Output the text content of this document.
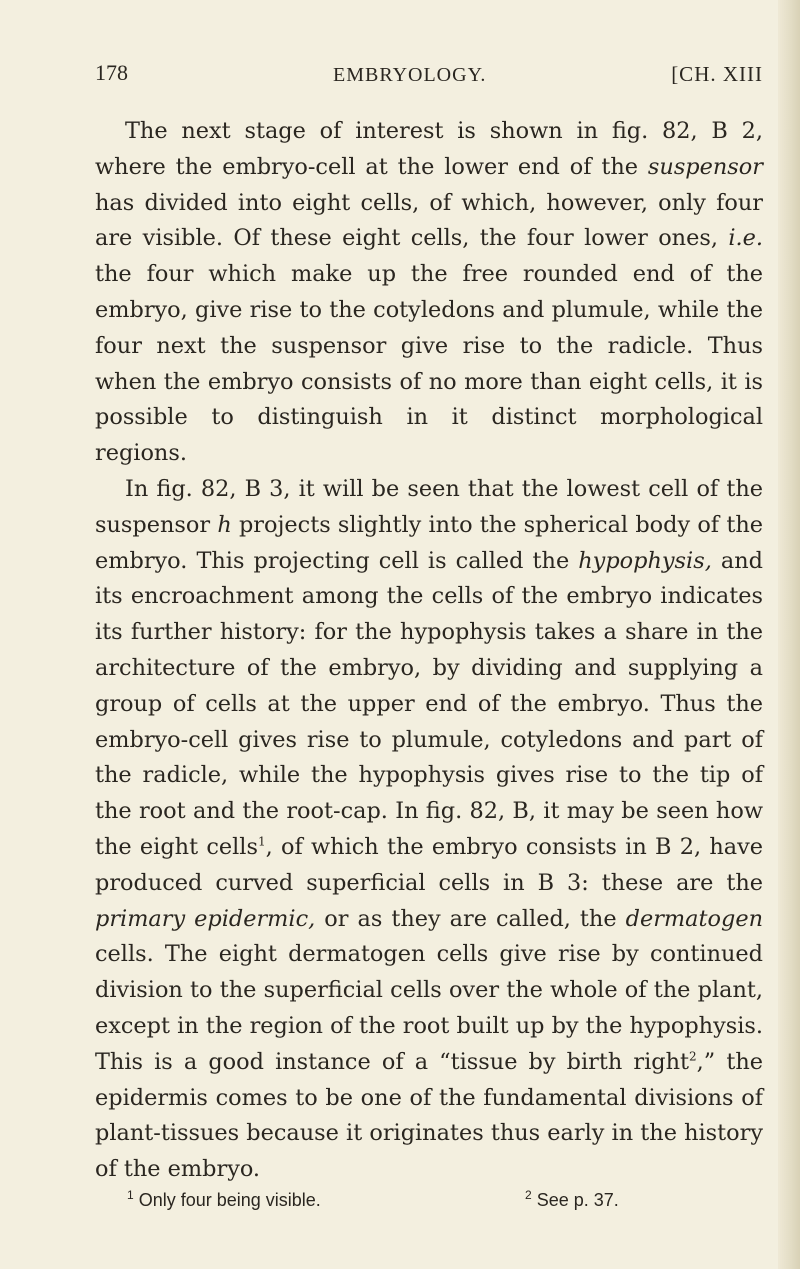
178	EMBRYOLOGY.	[CH. XIII

The next stage of interest is shown in fig. 82, B 2, where the embryo-cell at the lower end of the suspensor has divided into eight cells, of which, however, only four are visible. Of these eight cells, the four lower ones, i.e. the four which make up the free rounded end of the embryo, give rise to the cotyledons and plumule, while the four next the suspensor give rise to the radicle. Thus when the embryo consists of no more than eight cells, it is possible to distinguish in it distinct morphological regions.

In fig. 82, B 3, it will be seen that the lowest cell of the suspensor h projects slightly into the spherical body of the embryo. This projecting cell is called the hypophysis, and its encroachment among the cells of the embryo indicates its further history: for the hypophysis takes a share in the architecture of the embryo, by dividing and supplying a group of cells at the upper end of the embryo. Thus the embryo-cell gives rise to plumule, cotyledons and part of the radicle, while the hypophysis gives rise to the tip of the root and the root-cap. In fig. 82, B, it may be seen how the eight cells$^1$, of which the embryo consists in B 2, have produced curved superficial cells in B 3: these are the primary epidermic, or as they are called, the dermatogen cells. The eight dermatogen cells give rise by continued division to the superficial cells over the whole of the plant, except in the region of the root built up by the hypophysis. This is a good instance of a “tissue by birth right$^2$,” the epidermis comes to be one of the fundamental divisions of plant-tissues because it originates thus early in the history of the embryo.

$^1$ Only four being visible.	$^2$ See p. 37.
